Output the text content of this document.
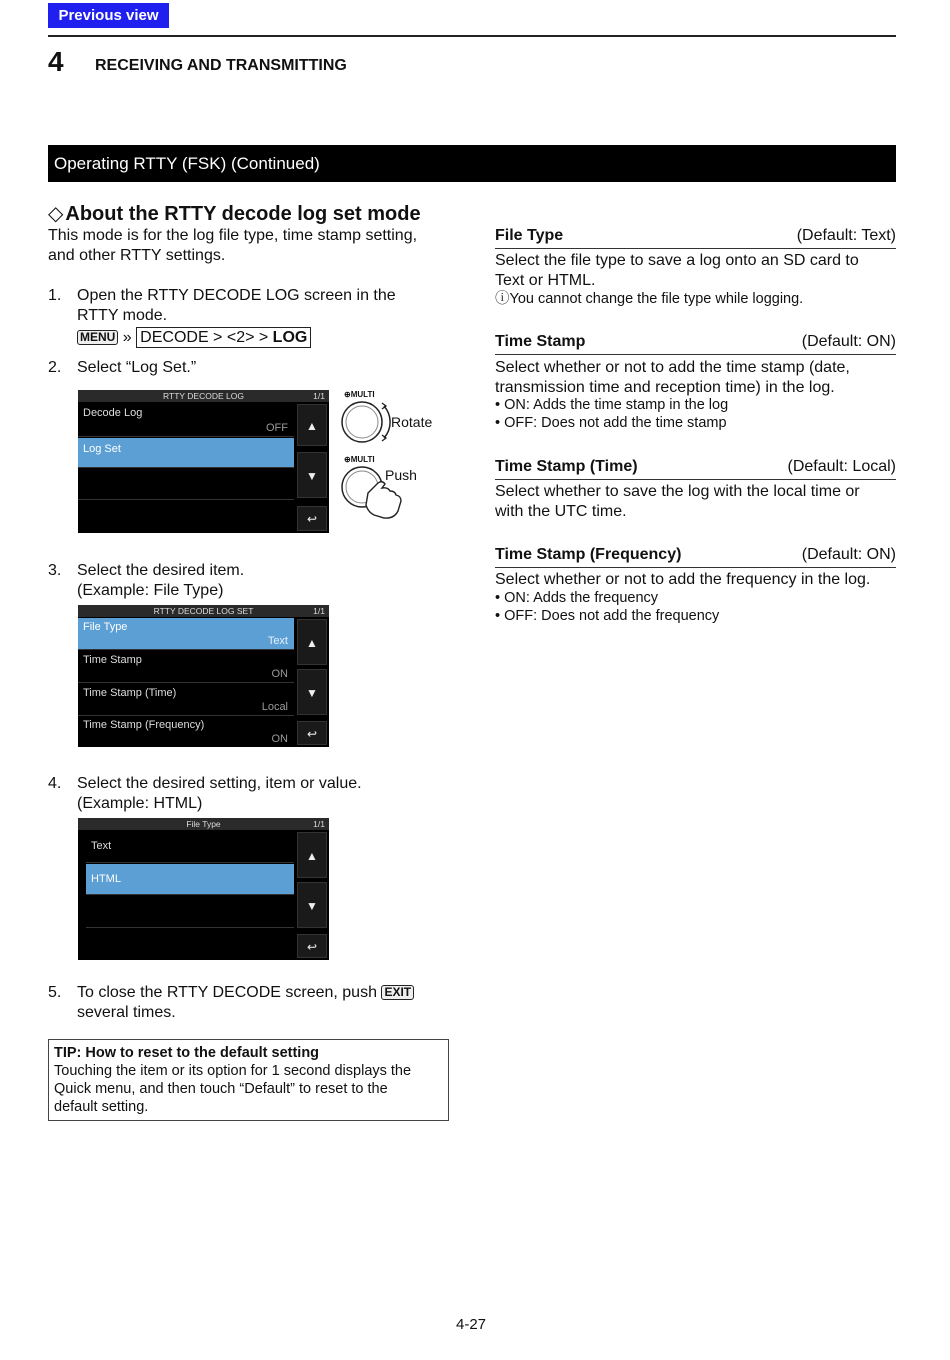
Previous view
4 RECEIVING AND TRANSMITTING
Operating RTTY (FSK) (Continued)
◇ About the RTTY decode log set mode
This mode is for the log file type, time stamp setting,
and other RTTY settings.
1. Open the RTTY DECODE LOG screen in the
RTTY mode.
MENU » DECODE > <2> > LOG
2. Select “Log Set.”
RTTY DECODE LOG	1/1
Decode Log
OFF
Log Set
▲
▼
↩
⊕MULTI
Rotate
⊕MULTI
Push
3. Select the desired item.
(Example: File Type)
RTTY DECODE LOG SET	1/1
File Type
Text
Time Stamp
ON
Time Stamp (Time)
Local
Time Stamp (Frequency)
ON
▲
▼
↩
4. Select the desired setting, item or value.
(Example: HTML)
File Type	1/1
Text
HTML
▲
▼
↩
5. To close the RTTY DECODE screen, push EXIT
several times.
TIP: How to reset to the default setting
Touching the item or its option for 1 second displays the
Quick menu, and then touch “Default” to reset to the
default setting.
File Type	(Default: Text)
Select the file type to save a log onto an SD card to
Text or HTML.
ⓘYou cannot change the file type while logging.
Time Stamp	(Default: ON)
Select whether or not to add the time stamp (date,
transmission time and reception time) in the log.
• ON: Adds the time stamp in the log
• OFF: Does not add the time stamp
Time Stamp (Time)	(Default: Local)
Select whether to save the log with the local time or
with the UTC time.
Time Stamp (Frequency)	(Default: ON)
Select whether or not to add the frequency in the log.
• ON: Adds the frequency
• OFF: Does not add the frequency
4-27
